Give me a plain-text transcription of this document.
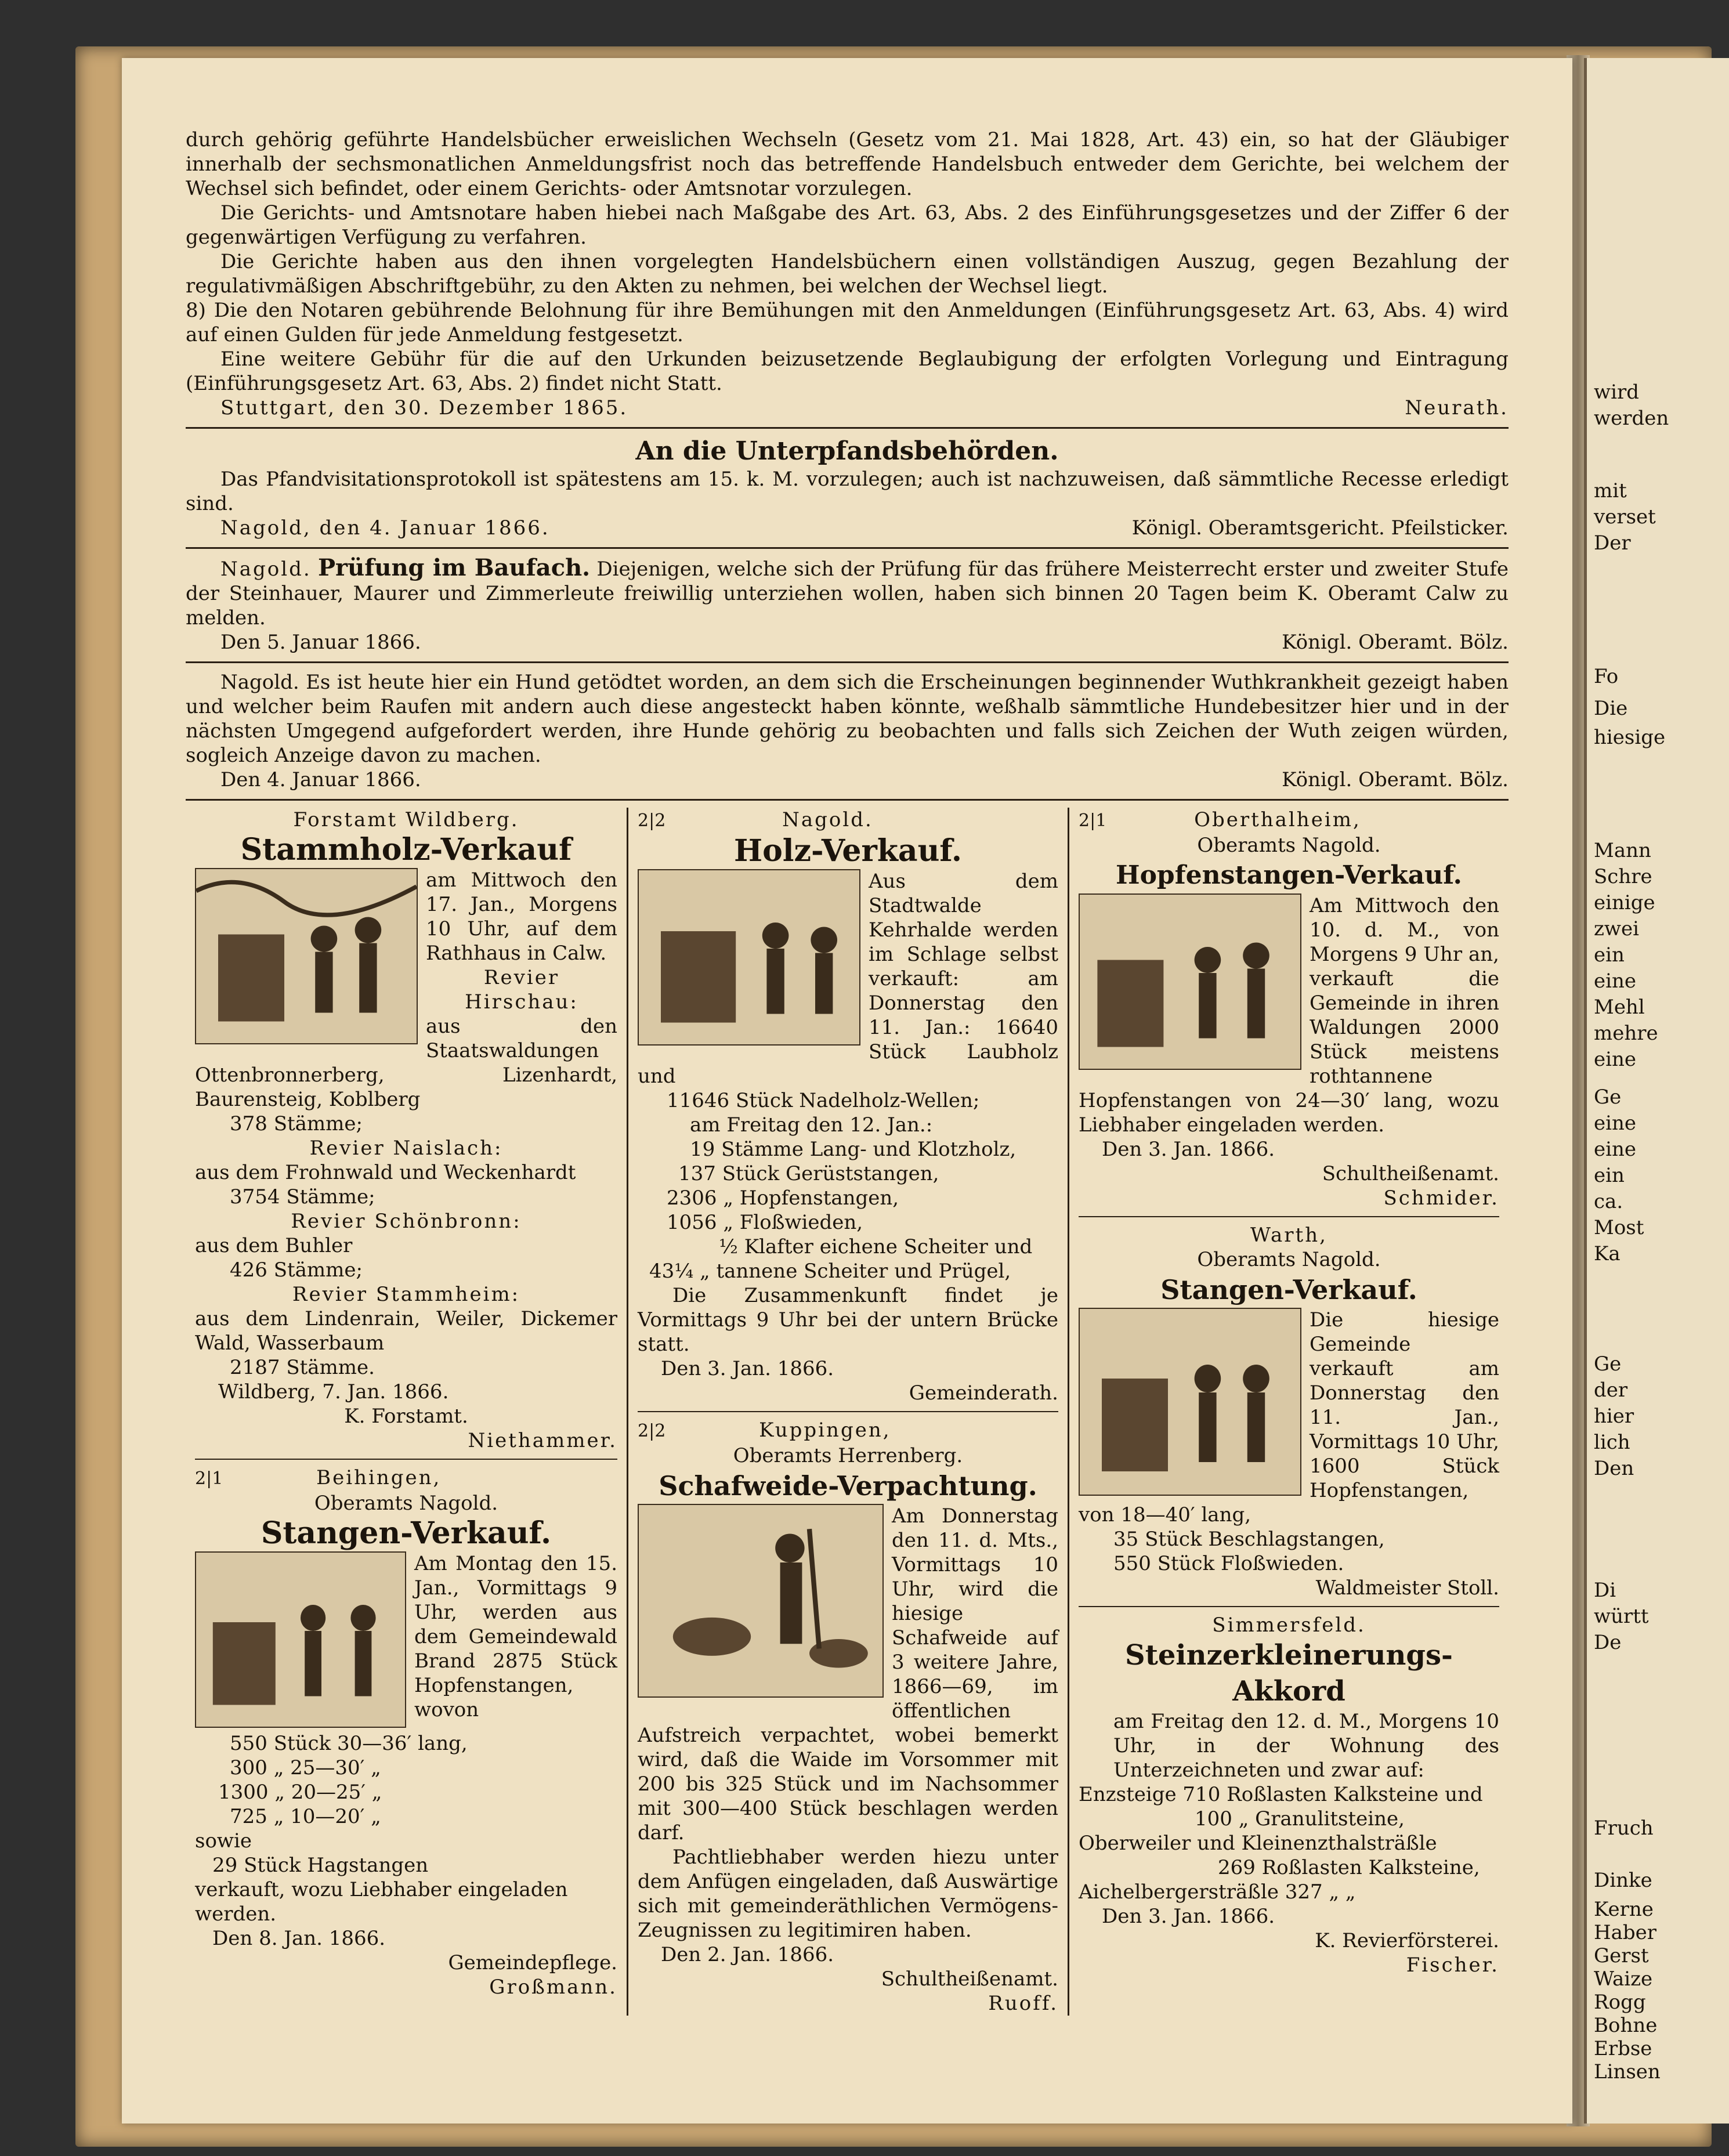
wird
werden
mit
verset
Der
Fo
Die
hiesige
Mann
Schre
einige
zwei
ein
eine
Mehl
mehre
eine
Ge
eine
eine
ein
ca.
Most
Ka
Ge
der
hier
lich
Den
Di
württ
De
Fruch
Dinke
Kerne
Haber
Gerst
Waize
Rogg
Bohne
Erbse
Linsen

durch gehörig geführte Handelsbücher erweislichen Wechseln (Gesetz vom 21. Mai 1828, Art. 43) ein, so hat der Gläubiger innerhalb der sechsmonatlichen Anmeldungsfrist noch das betreffende Handelsbuch entweder dem Gerichte, bei welchem der Wechsel sich befindet, oder einem Gerichts- oder Amtsnotar vorzulegen.

Die Gerichts- und Amtsnotare haben hiebei nach Maßgabe des Art. 63, Abs. 2 des Einführungsgesetzes und der Ziffer 6 der gegenwärtigen Verfügung zu verfahren.

Die Gerichte haben aus den ihnen vorgelegten Handelsbüchern einen vollständigen Auszug, gegen Bezahlung der regulativmäßigen Abschriftgebühr, zu den Akten zu nehmen, bei welchen der Wechsel liegt.

8) Die den Notaren gebührende Belohnung für ihre Bemühungen mit den Anmeldungen (Einführungsgesetz Art. 63, Abs. 4) wird auf einen Gulden für jede Anmeldung festgesetzt.

Eine weitere Gebühr für die auf den Urkunden beizusetzende Beglaubigung der erfolgten Vorlegung und Eintragung (Einführungsgesetz Art. 63, Abs. 2) findet nicht Statt.

Stuttgart, den 30. Dezember 1865.	Neurath.
An die Unterpfandsbehörden.

Das Pfandvisitationsprotokoll ist spätestens am 15. k. M. vorzulegen; auch ist nachzuweisen, daß sämmtliche Recesse erledigt sind.

Nagold, den 4. Januar 1866.	Königl. Oberamtsgericht. Pfeilsticker.

Nagold. Prüfung im Baufach. Diejenigen, welche sich der Prüfung für das frühere Meisterrecht erster und zweiter Stufe der Steinhauer, Maurer und Zimmerleute freiwillig unterziehen wollen, haben sich binnen 20 Tagen beim K. Oberamt Calw zu melden.

Den 5. Januar 1866.	Königl. Oberamt. Bölz.

Nagold. Es ist heute hier ein Hund getödtet worden, an dem sich die Erscheinungen beginnender Wuthkrankheit gezeigt haben und welcher beim Raufen mit andern auch diese angesteckt haben könnte, weßhalb sämmtliche Hundebesitzer hier und in der nächsten Umgegend aufgefordert werden, ihre Hunde gehörig zu beobachten und falls sich Zeichen der Wuth zeigen würden, sogleich Anzeige davon zu machen.

Den 4. Januar 1866.	Königl. Oberamt. Bölz.
Forstamt Wildberg.
Stammholz-Verkauf

am Mittwoch den 17. Jan., Morgens 10 Uhr, auf dem Rathhaus in Calw.

Revier Hirschau:

aus den Staatswaldungen Ottenbronnerberg, Lizenhardt, Baurensteig, Koblberg

378 Stämme;

Revier Naislach:

aus dem Frohnwald und Weckenhardt

3754 Stämme;

Revier Schönbronn:

aus dem Buhler

426 Stämme;

Revier Stammheim:

aus dem Lindenrain, Weiler, Dickemer Wald, Wasserbaum

2187 Stämme.

Wildberg, 7. Jan. 1866.

K. Forstamt.

Niethammer.

2|1	Beihingen,

Oberamts Nagold.

Stangen-Verkauf.

Am Montag den 15. Jan., Vormittags 9 Uhr, werden aus dem Gemeindewald Brand 2875 Stück Hopfenstangen, wovon

550 Stück 30—36′ lang,

300 „ 25—30′ „

1300 „ 20—25′ „

725 „ 10—20′ „

sowie

29 Stück Hagstangen

verkauft, wozu Liebhaber eingeladen werden.

Den 8. Jan. 1866.

Gemeindepflege.

Großmann.

2|2	Nagold.

Holz-Verkauf.

Aus dem Stadtwalde Kehrhalde werden im Schlage selbst verkauft: am Donnerstag den 11. Jan.: 16640 Stück Laubholz und

11646 Stück Nadelholz-Wellen;

am Freitag den 12. Jan.:

19 Stämme Lang- und Klotzholz,

137 Stück Gerüststangen,

2306 „ Hopfenstangen,

1056 „ Floßwieden,

½ Klafter eichene Scheiter und

43¼ „ tannene Scheiter und Prügel,

Die Zusammenkunft findet je Vormittags 9 Uhr bei der untern Brücke statt.

Den 3. Jan. 1866.

Gemeinderath.

2|2	Kuppingen,

Oberamts Herrenberg.

Schafweide-Verpachtung.

Am Donnerstag den 11. d. Mts., Vormittags 10 Uhr, wird die hiesige Schafweide auf 3 weitere Jahre, 1866—69, im öffentlichen Aufstreich verpachtet, wobei bemerkt wird, daß die Waide im Vorsommer mit 200 bis 325 Stück und im Nachsommer mit 300—400 Stück beschlagen werden darf.

Pachtliebhaber werden hiezu unter dem Anfügen eingeladen, daß Auswärtige sich mit gemeinderäthlichen Vermögens-Zeugnissen zu legitimiren haben.

Den 2. Jan. 1866.

Schultheißenamt.

Ruoff.

2|1	Oberthalheim,

Oberamts Nagold.

Hopfenstangen-Verkauf.

Am Mittwoch den 10. d. M., von Morgens 9 Uhr an, verkauft die Gemeinde in ihren Waldungen 2000 Stück meistens rothtannene Hopfenstangen von 24—30′ lang, wozu Liebhaber eingeladen werden.

Den 3. Jan. 1866.

Schultheißenamt.

Schmider.

Warth,

Oberamts Nagold.

Stangen-Verkauf.

Die hiesige Gemeinde verkauft am Donnerstag den 11. Jan., Vormittags 10 Uhr, 1600 Stück Hopfenstangen, von 18—40′ lang,

35 Stück Beschlagstangen,

550 Stück Floßwieden.

Waldmeister Stoll.

Simmersfeld.

Steinzerkleinerungs-Akkord

am Freitag den 12. d. M., Morgens 10 Uhr, in der Wohnung des Unterzeichneten und zwar auf:

Enzsteige 710 Roßlasten Kalksteine und

100 „ Granulitsteine,

Oberweiler und Kleinenzthalsträßle

269 Roßlasten Kalksteine,

Aichelbergersträßle 327 „ „

Den 3. Jan. 1866.

K. Revierförsterei.

Fischer.
